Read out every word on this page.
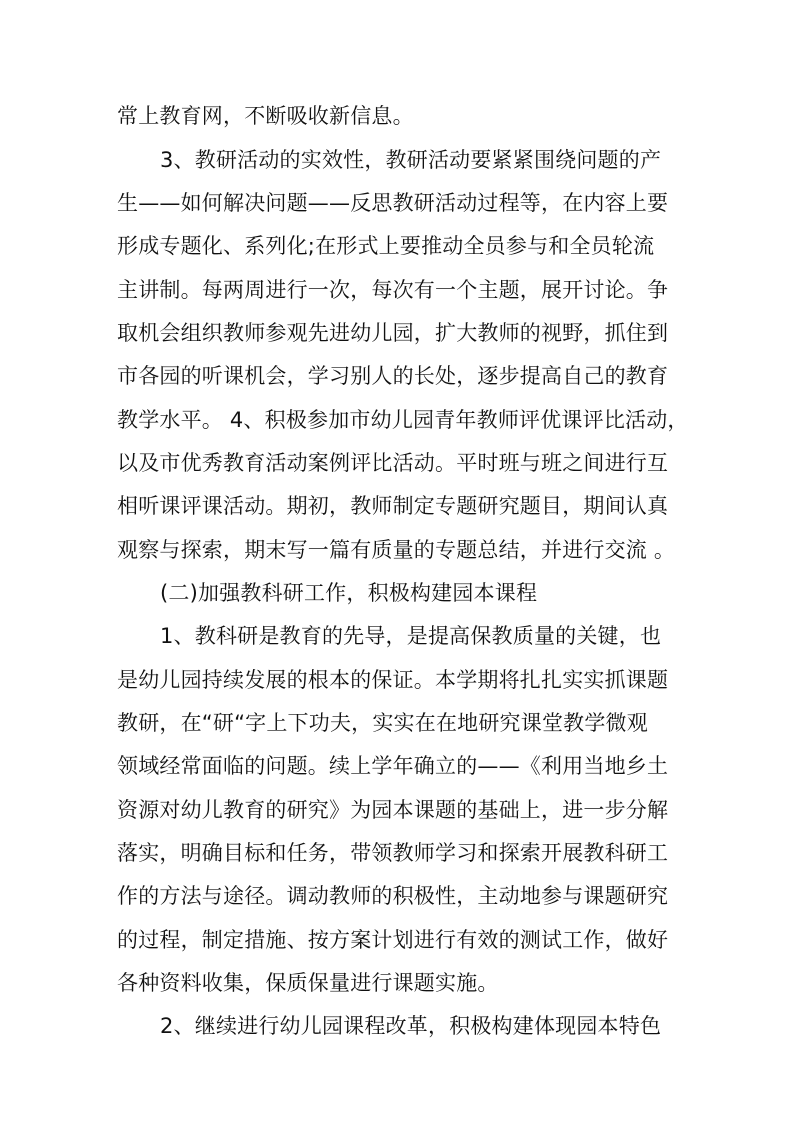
常上教育网，不断吸收新信息。
3、教研活动的实效性，教研活动要紧紧围绕问题的产
生——如何解决问题——反思教研活动过程等，在内容上要
形成专题化、系列化;在形式上要推动全员参与和全员轮流
主讲制。每两周进行一次，每次有一个主题，展开讨论。争
取机会组织教师参观先进幼儿园，扩大教师的视野，抓住到
市各园的听课机会，学习别人的长处，逐步提高自己的教育
教学水平。 4、积极参加市幼儿园青年教师评优课评比活动，
以及市优秀教育活动案例评比活动。平时班与班之间进行互
相听课评课活动。期初，教师制定专题研究题目，期间认真
观察与探索，期末写一篇有质量的专题总结，并进行交流 。
(二)加强教科研工作，积极构建园本课程
1、教科研是教育的先导，是提高保教质量的关键，也
是幼儿园持续发展的根本的保证。本学期将扎扎实实抓课题
教研，在“研“字上下功夫，实实在在地研究课堂教学微观
领域经常面临的问题。续上学年确立的——《利用当地乡土
资源对幼儿教育的研究》为园本课题的基础上，进一步分解
落实，明确目标和任务，带领教师学习和探索开展教科研工
作的方法与途径。调动教师的积极性，主动地参与课题研究
的过程，制定措施、按方案计划进行有效的测试工作，做好
各种资料收集，保质保量进行课题实施。
2、继续进行幼儿园课程改革，积极构建体现园本特色
